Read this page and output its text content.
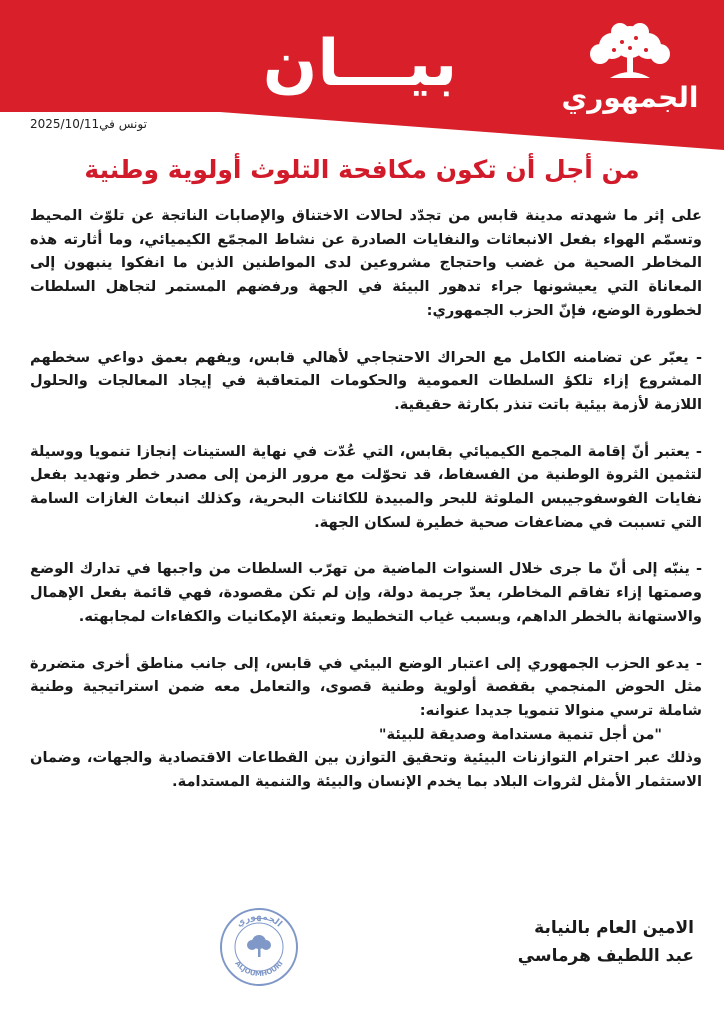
بيـــان	الجمهوري
تونس في2025/10/11
من أجل أن تكون مكافحة التلوث أولوية وطنية

على إثر ما شهدته مدينة قابس من تجدّد لحالات الاختناق والإصابات الناتجة عن تلوّث المحيط وتسمّم الهواء بفعل الانبعاثات والنفايات الصادرة عن نشاط المجمّع الكيميائي، وما أثارته هذه المخاطر الصحية من غضب واحتجاج مشروعين لدى المواطنين الذين ما انفكوا ينبهون إلى المعاناة التي يعيشونها جراء تدهور البيئة في الجهة ورفضهم المستمر لتجاهل السلطات لخطورة الوضع، فإنّ الحزب الجمهوري:

- يعبّر عن تضامنه الكامل مع الحراك الاحتجاجي لأهالي قابس، ويفهم بعمق دواعي سخطهم المشروع إزاء تلكؤ السلطات العمومية والحكومات المتعاقبة في إيجاد المعالجات والحلول اللازمة لأزمة بيئية باتت تنذر بكارثة حقيقية.

- يعتبر أنّ إقامة المجمع الكيميائي بقابس، التي عُدّت في نهاية الستينات إنجازا تنمويا ووسيلة لتثمين الثروة الوطنية من الفسفاط، قد تحوّلت مع مرور الزمن إلى مصدر خطر وتهديد بفعل نفايات الفوسفوجيبس الملوثة للبحر والمبيدة للكائنات البحرية، وكذلك انبعاث الغازات السامة التي تسببت في مضاعفات صحية خطيرة لسكان الجهة.

- ينبّه إلى أنّ ما جرى خلال السنوات الماضية من تهرّب السلطات من واجبها في تدارك الوضع وصمتها إزاء تفاقم المخاطر، يعدّ جريمة دولة، وإن لم تكن مقصودة، فهي قائمة بفعل الإهمال والاستهانة بالخطر الداهم، وبسبب غياب التخطيط وتعبئة الإمكانيات والكفاءات لمجابهته.

- يدعو الحزب الجمهوري إلى اعتبار الوضع البيئي في قابس، إلى جانب مناطق أخرى متضررة مثل الحوض المنجمي بقفصة أولوية وطنية قصوى، والتعامل معه ضمن استراتيجية وطنية شاملة ترسي منوالا تنمويا جديدا عنوانه:

"من أجل تنمية مستدامة وصديقة للبيئة"

وذلك عبر احترام التوازنات البيئية وتحقيق التوازن بين القطاعات الاقتصادية والجهات، وضمان الاستثمار الأمثل لثروات البلاد بما يخدم الإنسان والبيئة والتنمية المستدامة.

الامين العام بالنيابة
عبد اللطيف هرماسي
الجمهوري
ALJOUMHOURI
